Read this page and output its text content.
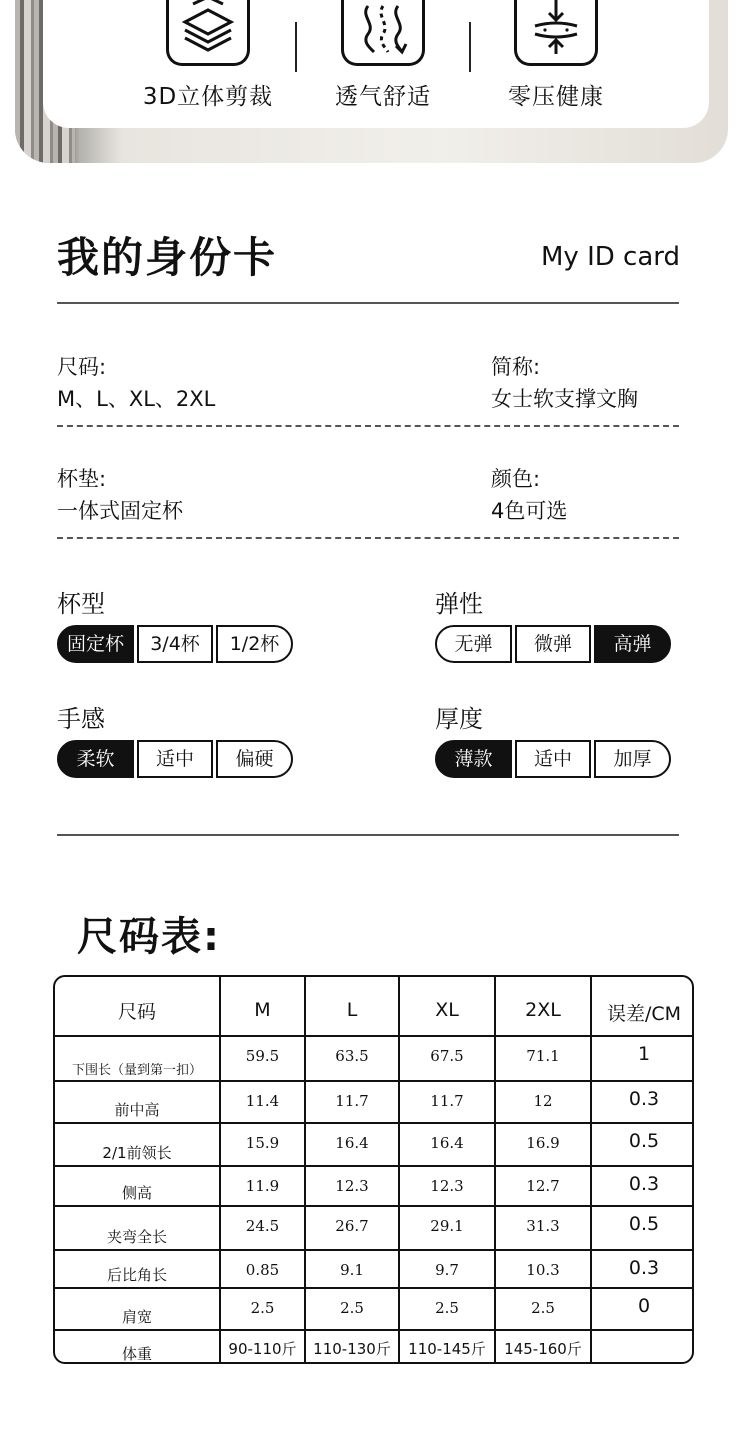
3D立体剪裁	透气舒适	零压健康
我的身份卡	My ID card
尺码:
M、L、XL、2XL
简称:
女士软支撑文胸
杯垫:
一体式固定杯
颜色:
4色可选
杯型
固定杯	3/4杯	1/2杯
弹性
无弹	微弹	高弹
手感
柔软	适中	偏硬
厚度
薄款	适中	加厚
尺码表:
尺码	M	L	XL	2XL	误差/CM
下围长（量到第一扣）	59.5	63.5	67.5	71.1	1
前中高	11.4	11.7	11.7	12	0.3
2/1前领长	15.9	16.4	16.4	16.9	0.5
侧高	11.9	12.3	12.3	12.7	0.3
夹弯全长	24.5	26.7	29.1	31.3	0.5
后比角长	0.85	9.1	9.7	10.3	0.3
肩宽	2.5	2.5	2.5	2.5	0
体重	90-110斤	110-130斤	110-145斤	145-160斤	
